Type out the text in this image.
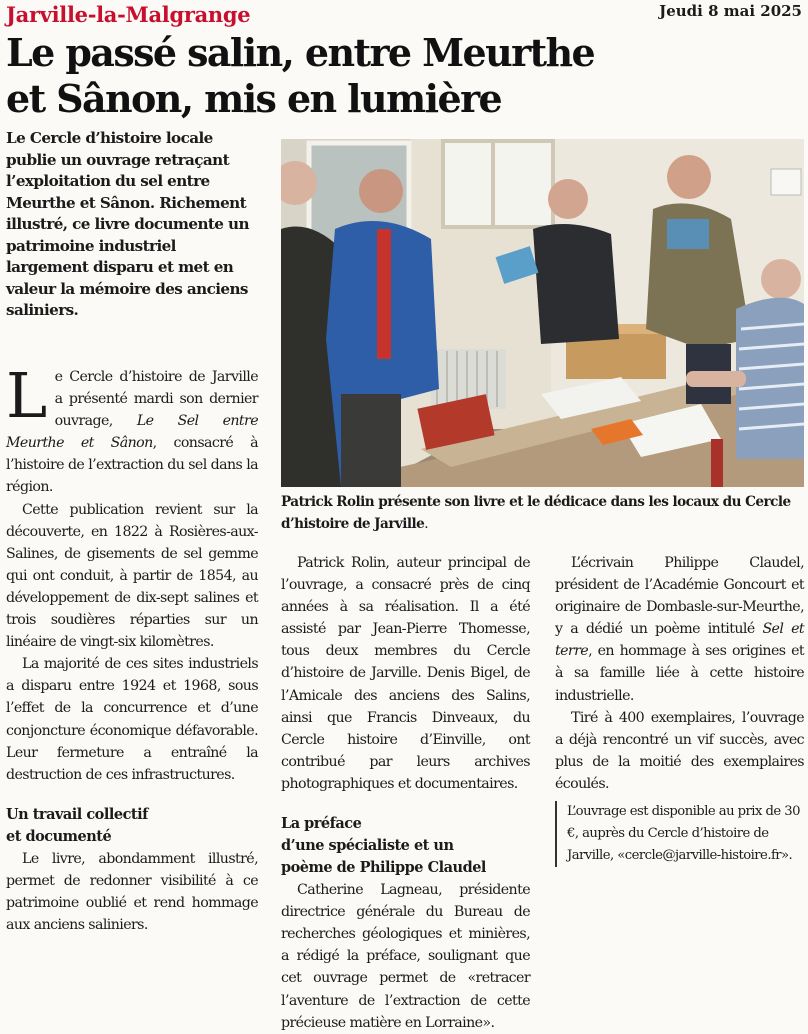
Jarville-la-Malgrange	Jeudi 8 mai 2025
Le passé salin, entre Meurthe
et Sânon, mis en lumière

Le Cercle d’histoire locale publie un ouvrage retraçant l’exploitation du sel entre Meurthe et Sânon. Richement illustré, ce livre documente un patrimoine industriel largement disparu et met en valeur la mémoire des anciens saliniers.

Patrick Rolin présente son livre et le dédicace dans les locaux du Cercle d’histoire de Jarville.

Le Cercle d’histoire de Jarville a présenté mardi son dernier ouvrage, Le Sel entre Meurthe et Sânon, consacré à l’histoire de l’extraction du sel dans la région.

Cette publication revient sur la découverte, en 1822 à Rosières-aux-Salines, de gisements de sel gemme qui ont conduit, à partir de 1854, au développement de dix-sept salines et trois soudières réparties sur un linéaire de vingt-six kilomètres.

La majorité de ces sites industriels a disparu entre 1924 et 1968, sous l’effet de la concurrence et d’une conjoncture économique défavorable. Leur fermeture a entraîné la destruction de ces infrastructures.

Un travail collectif
et documenté

Le livre, abondamment illustré, permet de redonner visibilité à ce patrimoine oublié et rend hommage aux anciens saliniers.

Patrick Rolin, auteur principal de l’ouvrage, a consacré près de cinq années à sa réalisation. Il a été assisté par Jean-Pierre Thomesse, tous deux membres du Cercle d’histoire de Jarville. Denis Bigel, de l’Amicale des anciens des Salins, ainsi que Francis Dinveaux, du Cercle histoire d’Einville, ont contribué par leurs archives photographiques et documentaires.

La préface
d’une spécialiste et un
poème de Philippe Claudel

Catherine Lagneau, présidente directrice générale du Bureau de recherches géologiques et minières, a rédigé la préface, soulignant que cet ouvrage permet de «retracer l’aventure de l’extraction de cette précieuse matière en Lorraine».

L’écrivain Philippe Claudel, président de l’Académie Goncourt et originaire de Dombasle-sur-Meurthe, y a dédié un poème intitulé Sel et terre, en hommage à ses origines et à sa famille liée à cette histoire industrielle.

Tiré à 400 exemplaires, l’ouvrage a déjà rencontré un vif succès, avec plus de la moitié des exemplaires écoulés.

L’ouvrage est disponible au prix de 30 €, auprès du Cercle d’histoire de Jarville, «cercle@jarville-histoire.fr».
